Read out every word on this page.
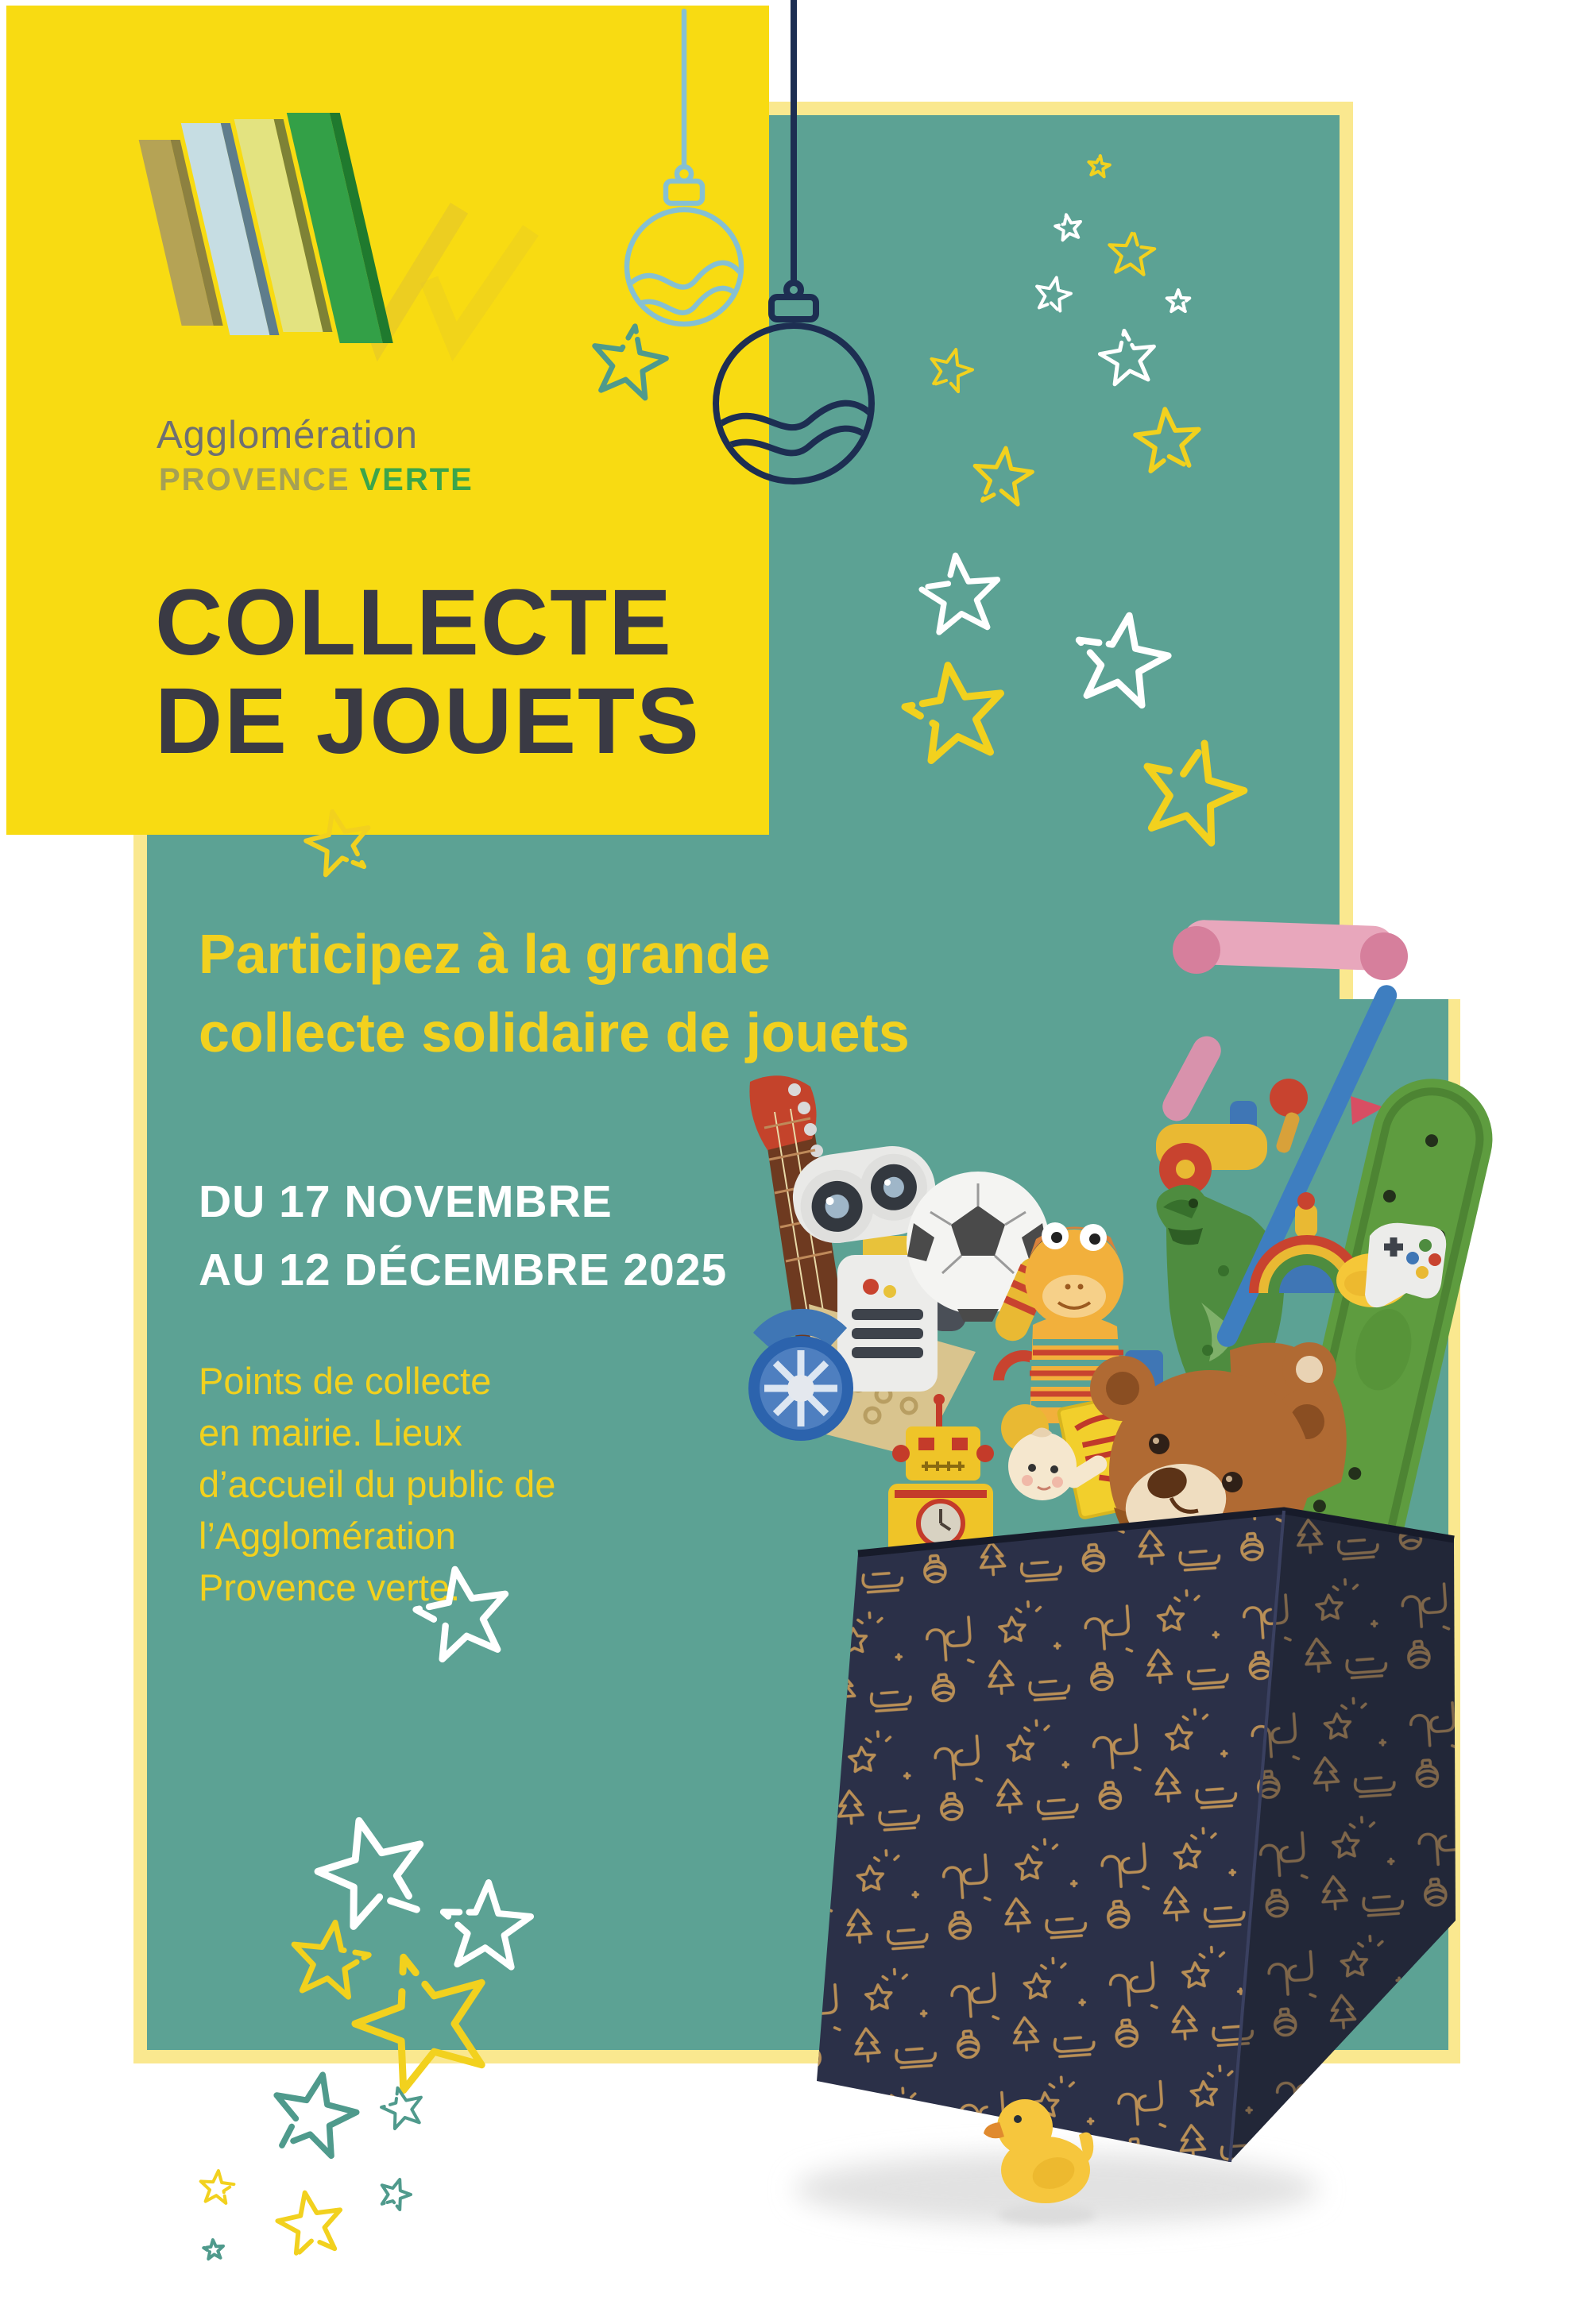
Participez à la grande
collecte solidaire de jouets
DU 17 NOVEMBRE
AU 12 DÉCEMBRE 2025
Points de collecte
en mairie. Lieux
d’accueil du public de
l’Agglomération
Provence verte.
Agglomération
PROVENCE VERTE
COLLECTE
DE JOUETS
